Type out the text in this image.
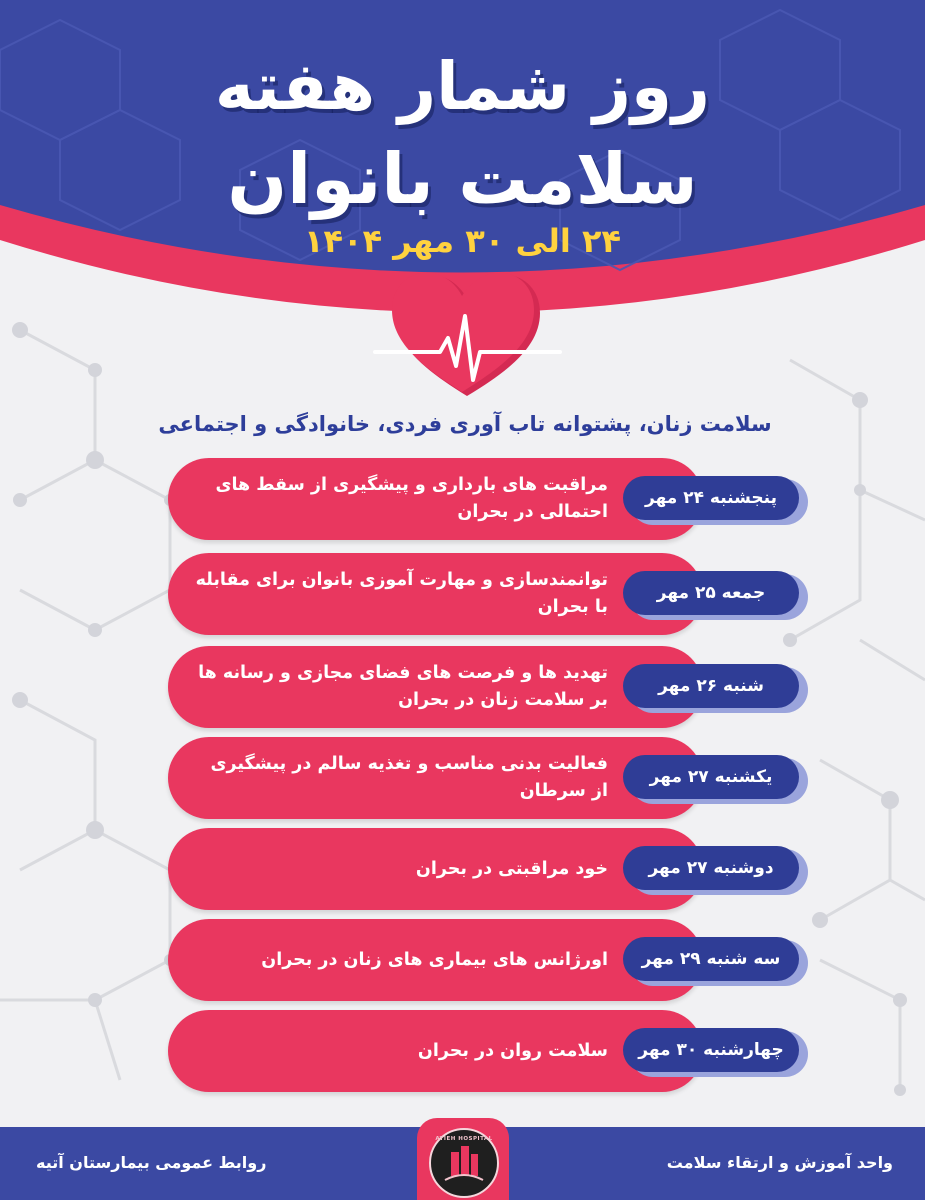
روز شمار هفته
سلامت بانوان
۲۴ الی ۳۰ مهر ۱۴۰۴
سلامت زنان، پشتوانه تاب آوری فردی، خانوادگی و اجتماعی
مراقبت های بارداری و پیشگیری از سقط های
احتمالی در بحران
پنجشنبه ۲۴ مهر
توانمندسازی و مهارت آموزی بانوان برای مقابله
با بحران
جمعه ۲۵ مهر
تهدید ها و فرصت های فضای مجازی و رسانه ها
بر سلامت زنان در بحران
شنبه ۲۶ مهر
فعالیت بدنی مناسب و تغذیه سالم در پیشگیری
از سرطان
یکشنبه ۲۷ مهر
خود مراقبتی در بحران	دوشنبه ۲۷ مهر
اورژانس های بیماری های زنان در بحران	سه شنبه ۲۹ مهر
سلامت روان در بحران	چهارشنبه ۳۰ مهر
روابط عمومی بیمارستان آتیه	واحد آموزش و ارتقاء سلامت
ATIEH HOSPITAL
